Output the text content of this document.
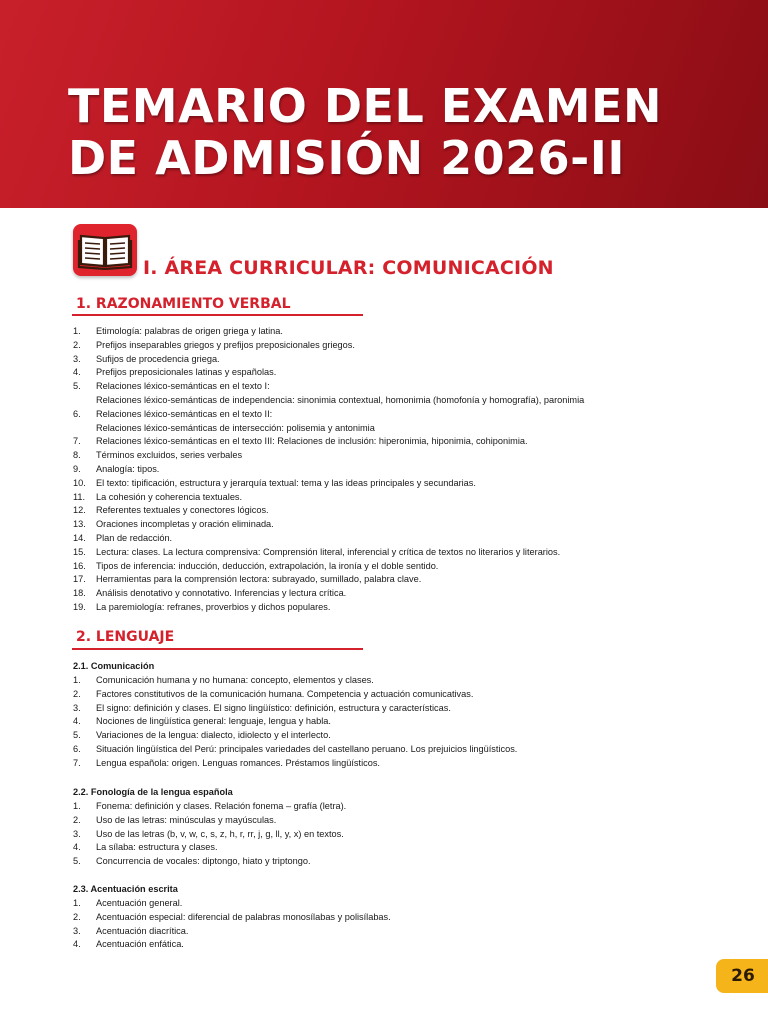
TEMARIO DEL EXAMEN
DE ADMISIÓN 2026-II
I. ÁREA CURRICULAR: COMUNICACIÓN
1. RAZONAMIENTO VERBAL
1.	Etimología: palabras de origen griega y latina.
2.	Prefijos inseparables griegos y prefijos preposicionales griegos.
3.	Sufijos de procedencia griega.
4.	Prefijos preposicionales latinas y españolas.
5.	Relaciones léxico-semánticas en el texto I:
Relaciones léxico-semánticas de independencia: sinonimia contextual, homonimia (homofonía y homografía), paronimia
6.	Relaciones léxico-semánticas en el texto II:
Relaciones léxico-semánticas de intersección: polisemia y antonimia
7.	Relaciones léxico-semánticas en el texto III: Relaciones de inclusión: hiperonimia, hiponimia, cohiponimia.
8.	Términos excluidos, series verbales
9.	Analogía: tipos.
10.	El texto: tipificación, estructura y jerarquía textual: tema y las ideas principales y secundarias.
11.	La cohesión y coherencia textuales.
12.	Referentes textuales y conectores lógicos.
13.	Oraciones incompletas y oración eliminada.
14.	Plan de redacción.
15.	Lectura: clases. La lectura comprensiva: Comprensión literal, inferencial y crítica de textos no literarios y literarios.
16.	Tipos de inferencia: inducción, deducción, extrapolación, la ironía y el doble sentido.
17.	Herramientas para la comprensión lectora: subrayado, sumillado, palabra clave.
18.	Análisis denotativo y connotativo. Inferencias y lectura crítica.
19.	La paremiología: refranes, proverbios y dichos populares.
2. LENGUAJE
2.1. Comunicación
1.	Comunicación humana y no humana: concepto, elementos y clases.
2.	Factores constitutivos de la comunicación humana. Competencia y actuación comunicativas.
3.	El signo: definición y clases. El signo lingüístico: definición, estructura y características.
4.	Nociones de lingüística general: lenguaje, lengua y habla.
5.	Variaciones de la lengua: dialecto, idiolecto y el interlecto.
6.	Situación lingüística del Perú: principales variedades del castellano peruano. Los prejuicios lingüísticos.
7.	Lengua española: origen. Lenguas romances. Préstamos lingüísticos.
2.2. Fonología de la lengua española
1.	Fonema: definición y clases. Relación fonema – grafía (letra).
2.	Uso de las letras: minúsculas y mayúsculas.
3.	Uso de las letras (b, v, w, c, s, z, h, r, rr, j, g, ll, y, x) en textos.
4.	La sílaba: estructura y clases.
5.	Concurrencia de vocales: diptongo, hiato y triptongo.
2.3. Acentuación escrita
1.	Acentuación general.
2.	Acentuación especial: diferencial de palabras monosílabas y polisílabas.
3.	Acentuación diacrítica.
4.	Acentuación enfática.
26
